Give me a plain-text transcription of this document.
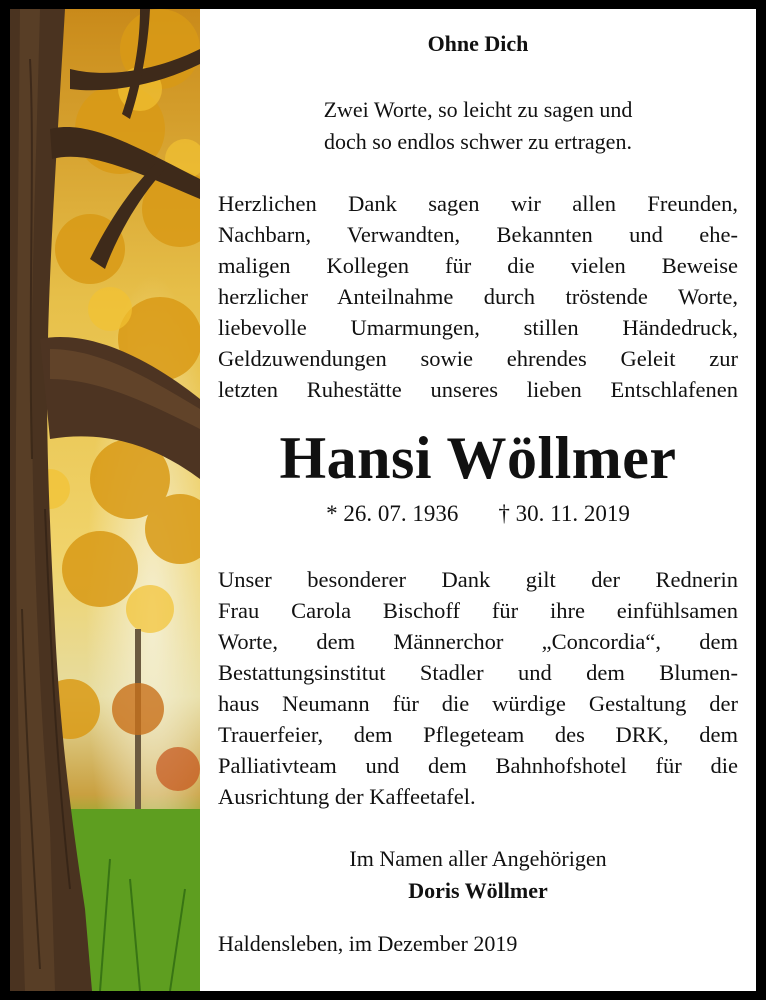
Ohne Dich
Zwei Worte, so leicht zu sagen und
doch so endlos schwer zu ertragen.
Herzlichen Dank sagen wir allen Freunden,
Nachbarn, Verwandten, Bekannten und ehe-
maligen Kollegen für die vielen Beweise
herzlicher Anteilnahme durch tröstende Worte,
liebevolle Umarmungen, stillen Händedruck,
Geldzuwendungen sowie ehrendes Geleit zur
letzten Ruhestätte unseres lieben Entschlafenen
Hansi Wöllmer
* 26. 07. 1936 † 30. 11. 2019
Unser besonderer Dank gilt der Rednerin
Frau Carola Bischoff für ihre einfühlsamen
Worte, dem Männerchor „Concordia“, dem
Bestattungsinstitut Stadler und dem Blumen-
haus Neumann für die würdige Gestaltung der
Trauerfeier, dem Pflegeteam des DRK, dem
Palliativteam und dem Bahnhofshotel für die
Ausrichtung der Kaffeetafel.
Im Namen aller Angehörigen
Doris Wöllmer
Haldensleben, im Dezember 2019
